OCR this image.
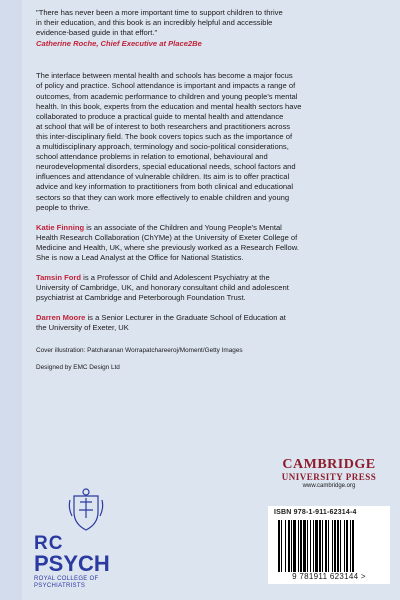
"There has never been a more important time to support children to thrive

in their education, and this book is an incredibly helpful and accessible

evidence-based guide in that effort."

Catherine Roche, Chief Executive at Place2Be

The interface between mental health and schools has become a major focus
of policy and practice. School attendance is important and impacts a range of
outcomes, from academic performance to children and young people's mental
health. In this book, experts from the education and mental health sectors have
collaborated to produce a practical guide to mental health and attendance
at school that will be of interest to both researchers and practitioners across
this inter-disciplinary field. The book covers topics such as the importance of
a multidisciplinary approach, terminology and socio-political considerations,
school attendance problems in relation to emotional, behavioural and
neurodevelopmental disorders, special educational needs, school factors and
influences and attendance of vulnerable children. Its aim is to offer practical
advice and key information to practitioners from both clinical and educational
sectors so that they can work more effectively to enable children and young
people to thrive.
Katie Finning is an associate of the Children and Young People's Mental
Health Research Collaboration (ChYMe) at the University of Exeter College of
Medicine and Health, UK, where she previously worked as a Research Fellow.
She is now a Lead Analyst at the Office for National Statistics.
Tamsin Ford is a Professor of Child and Adolescent Psychiatry at the
University of Cambridge, UK, and honorary consultant child and adolescent
psychiatrist at Cambridge and Peterborough Foundation Trust.
Darren Moore is a Senior Lecturer in the Graduate School of Education at
the University of Exeter, UK
Cover illustration: Patcharanan Worrapatchareeroj/Moment/Getty Images
Designed by EMC Design Ltd
RC
PSYCH
ROYAL COLLEGE OF PSYCHIATRISTS
CAMBRIDGE
UNIVERSITY PRESS
www.cambridge.org
ISBN 978-1-911-62314-4
9 781911 623144 >
